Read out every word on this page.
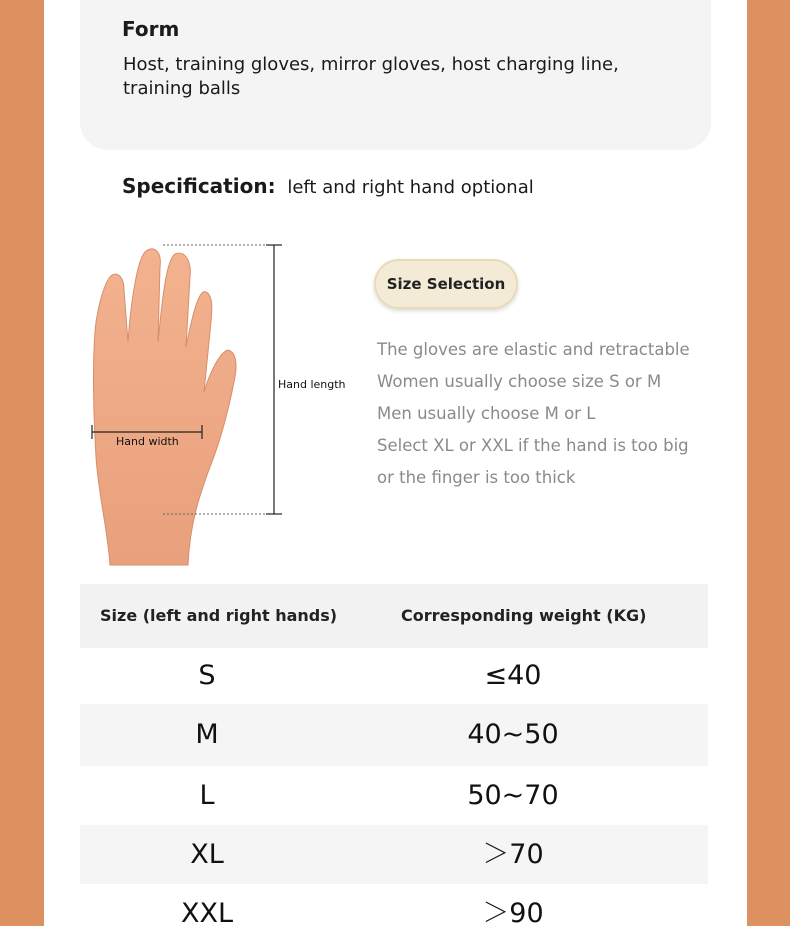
Form
Host, training gloves, mirror gloves, host charging line, training balls
Specification: left and right hand optional
Hand length
Hand width
Size Selection
The gloves are elastic and retractable
Women usually choose size S or M
Men usually choose M or L
Select XL or XXL if the hand is too big
or the finger is too thick
Size (left and right hands)	Corresponding weight (KG)
S	≤40
M	40~50
L	50~70
XL	＞70
XXL	＞90
